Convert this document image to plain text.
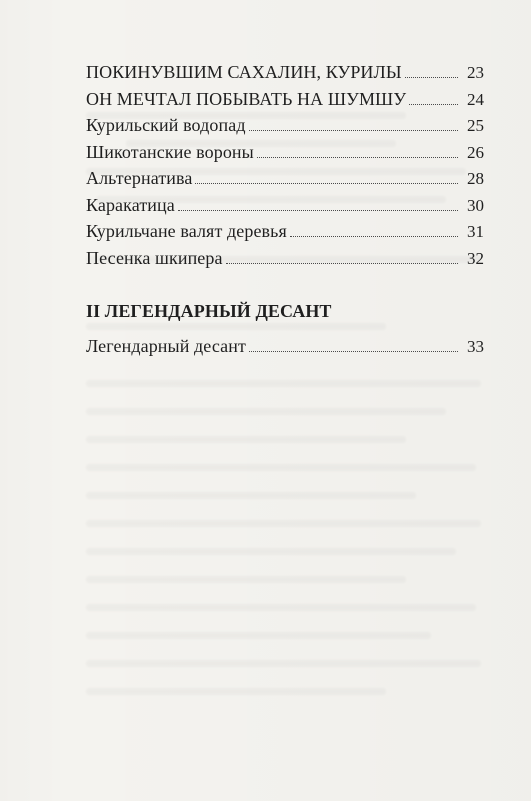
ПОКИНУВШИМ САХАЛИН, КУРИЛЫ	23
ОН МЕЧТАЛ ПОБЫВАТЬ НА ШУМШУ	24
Курильский водопад	25
Шикотанские вороны	26
Альтернатива	28
Каракатица	30
Курильчане валят деревья	31
Песенка шкипера	32
II ЛЕГЕНДАРНЫЙ ДЕСАНТ
Легендарный десант	33
